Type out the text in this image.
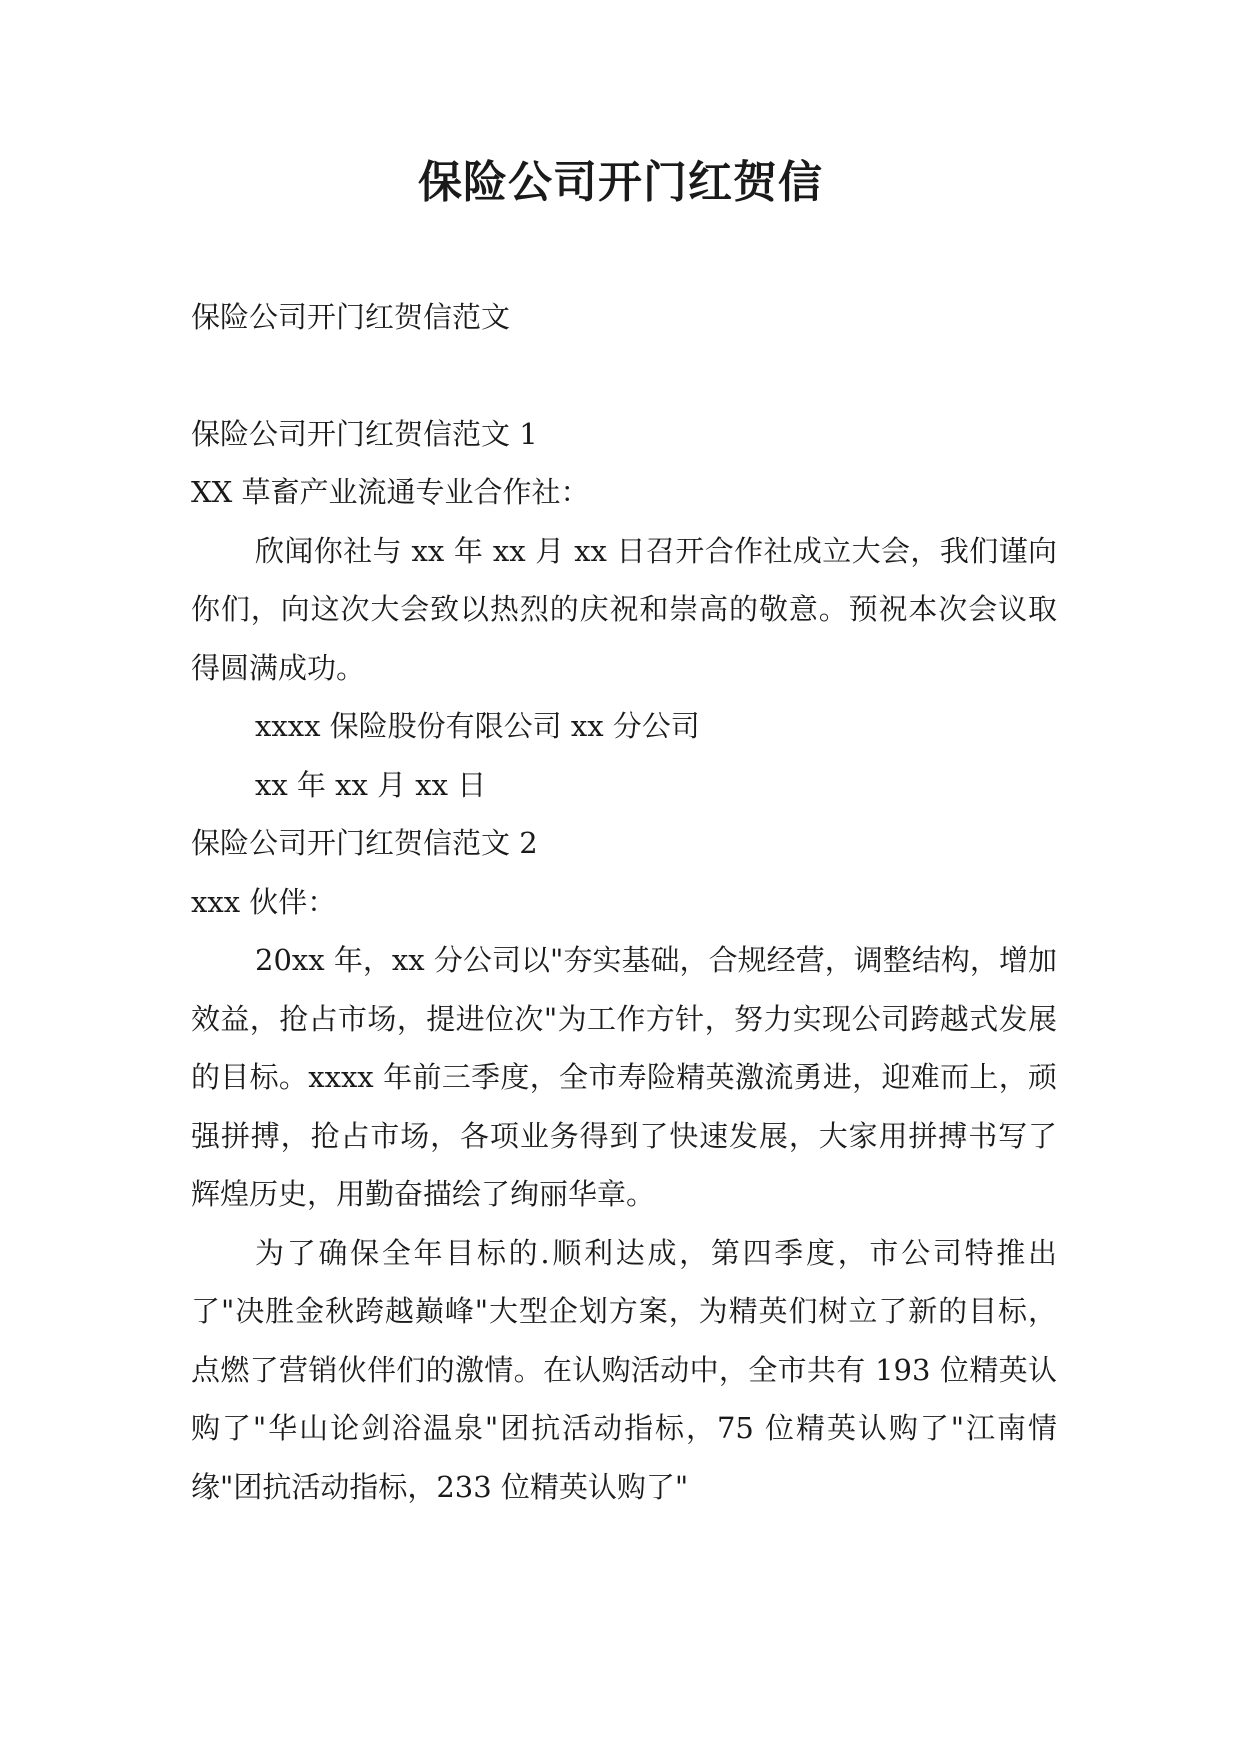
保险公司开门红贺信

保险公司开门红贺信范文

保险公司开门红贺信范文 1

XX 草畜产业流通专业合作社：

欣闻你社与 xx 年 xx 月 xx 日召开合作社成立大会，我们谨向你们，向这次大会致以热烈的庆祝和崇高的敬意。预祝本次会议取得圆满成功。

xxxx 保险股份有限公司 xx 分公司

xx 年 xx 月 xx 日

保险公司开门红贺信范文 2

xxx 伙伴：

20xx 年，xx 分公司以"夯实基础，合规经营，调整结构，增加效益，抢占市场，提进位次"为工作方针，努力实现公司跨越式发展的目标。xxxx 年前三季度，全市寿险精英激流勇进，迎难而上，顽强拼搏，抢占市场，各项业务得到了快速发展，大家用拼搏书写了辉煌历史，用勤奋描绘了绚丽华章。

为了确保全年目标的.顺利达成，第四季度，市公司特推出了"决胜金秋跨越巅峰"大型企划方案，为精英们树立了新的目标，点燃了营销伙伴们的激情。在认购活动中，全市共有 193 位精英认购了"华山论剑浴温泉"团抗活动指标，75 位精英认购了"江南情缘"团抗活动指标，233 位精英认购了"
